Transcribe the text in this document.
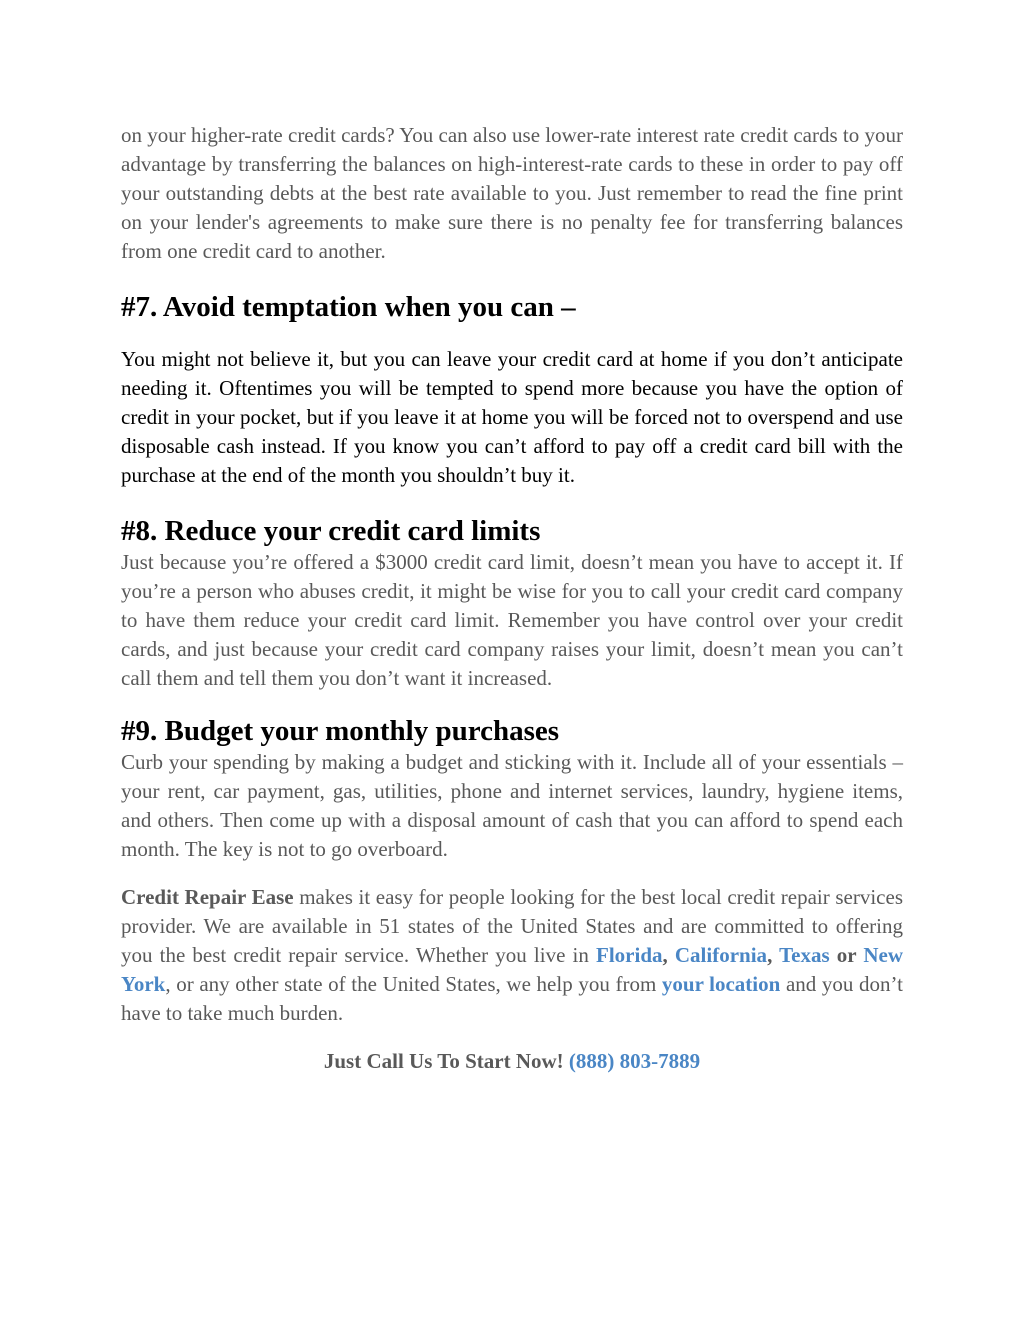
on your higher-rate credit cards? You can also use lower-rate interest rate credit cards to your advantage by transferring the balances on high-interest-rate cards to these in order to pay off your outstanding debts at the best rate available to you. Just remember to read the fine print on your lender's agreements to make sure there is no penalty fee for transferring balances from one credit card to another.

#7. Avoid temptation when you can –

You might not believe it, but you can leave your credit card at home if you don’t anticipate needing it. Oftentimes you will be tempted to spend more because you have the option of credit in your pocket, but if you leave it at home you will be forced not to overspend and use disposable cash instead. If you know you can’t afford to pay off a credit card bill with the purchase at the end of the month you shouldn’t buy it.

#8. Reduce your credit card limits

Just because you’re offered a $3000 credit card limit, doesn’t mean you have to accept it. If you’re a person who abuses credit, it might be wise for you to call your credit card company to have them reduce your credit card limit. Remember you have control over your credit cards, and just because your credit card company raises your limit, doesn’t mean you can’t call them and tell them you don’t want it increased.

#9. Budget your monthly purchases

Curb your spending by making a budget and sticking with it. Include all of your essentials – your rent, car payment, gas, utilities, phone and internet services, laundry, hygiene items, and others. Then come up with a disposal amount of cash that you can afford to spend each month. The key is not to go overboard.

Credit Repair Ease makes it easy for people looking for the best local credit repair services provider. We are available in 51 states of the United States and are committed to offering you the best credit repair service. Whether you live in Florida, California, Texas or New York, or any other state of the United States, we help you from your location and you don’t have to take much burden.

Just Call Us To Start Now! (888) 803-7889
